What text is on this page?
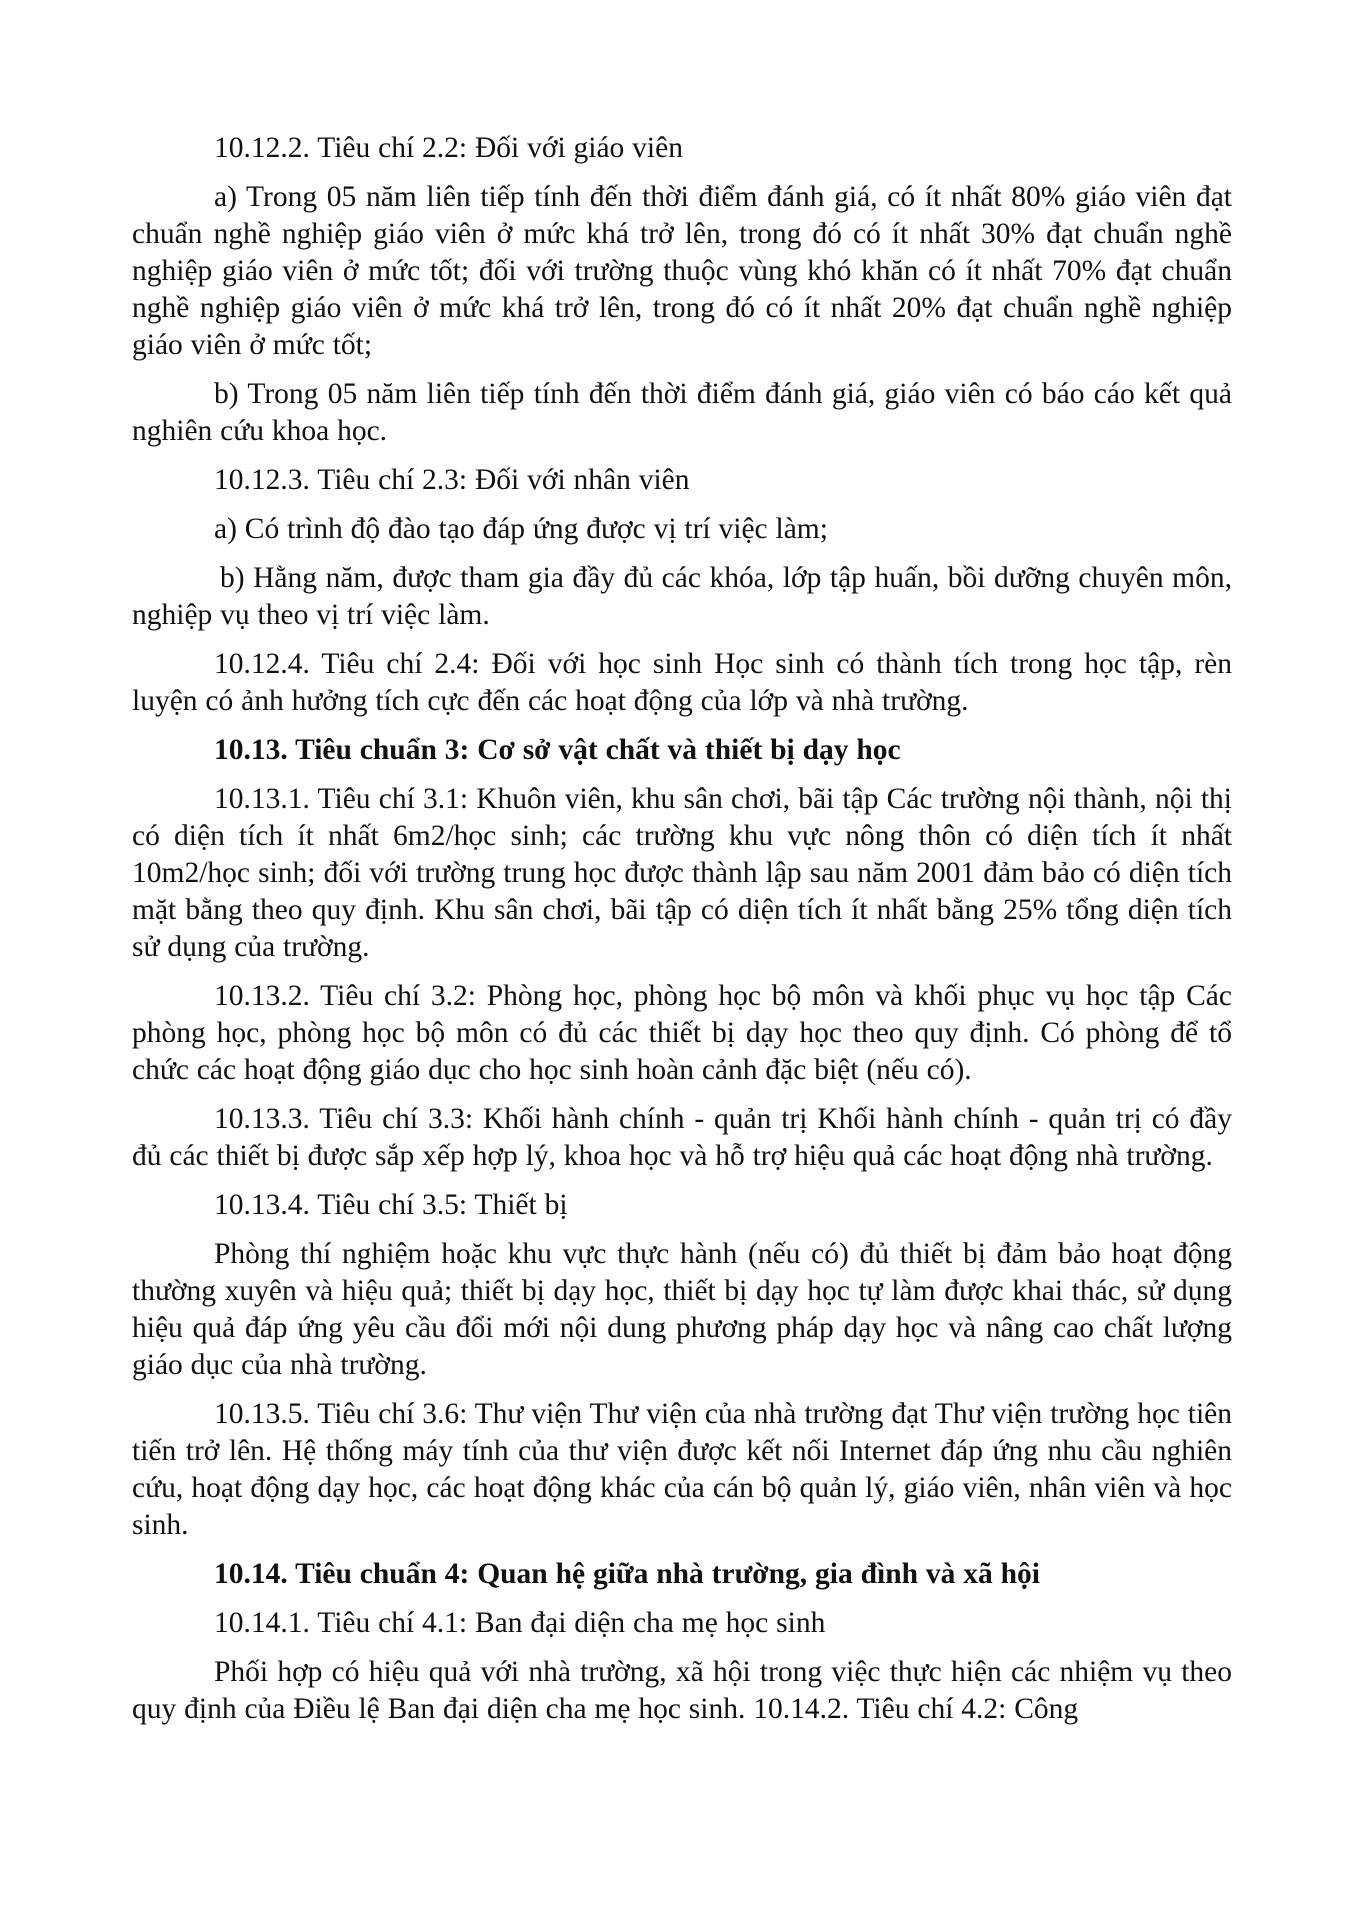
10.12.2. Tiêu chí 2.2: Đối với giáo viên

a) Trong 05 năm liên tiếp tính đến thời điểm đánh giá, có ít nhất 80% giáo viên đạt chuẩn nghề nghiệp giáo viên ở mức khá trở lên, trong đó có ít nhất 30% đạt chuẩn nghề nghiệp giáo viên ở mức tốt; đối với trường thuộc vùng khó khăn có ít nhất 70% đạt chuẩn nghề nghiệp giáo viên ở mức khá trở lên, trong đó có ít nhất 20% đạt chuẩn nghề nghiệp giáo viên ở mức tốt;

b) Trong 05 năm liên tiếp tính đến thời điểm đánh giá, giáo viên có báo cáo kết quả nghiên cứu khoa học.

10.12.3. Tiêu chí 2.3: Đối với nhân viên

a) Có trình độ đào tạo đáp ứng được vị trí việc làm;

b) Hằng năm, được tham gia đầy đủ các khóa, lớp tập huấn, bồi dưỡng chuyên môn, nghiệp vụ theo vị trí việc làm.

10.12.4. Tiêu chí 2.4: Đối với học sinh Học sinh có thành tích trong học tập, rèn luyện có ảnh hưởng tích cực đến các hoạt động của lớp và nhà trường.

10.13. Tiêu chuẩn 3: Cơ sở vật chất và thiết bị dạy học

10.13.1. Tiêu chí 3.1: Khuôn viên, khu sân chơi, bãi tập Các trường nội thành, nội thị có diện tích ít nhất 6m2/học sinh; các trường khu vực nông thôn có diện tích ít nhất 10m2/học sinh; đối với trường trung học được thành lập sau năm 2001 đảm bảo có diện tích mặt bằng theo quy định. Khu sân chơi, bãi tập có diện tích ít nhất bằng 25% tổng diện tích sử dụng của trường.

10.13.2. Tiêu chí 3.2: Phòng học, phòng học bộ môn và khối phục vụ học tập Các phòng học, phòng học bộ môn có đủ các thiết bị dạy học theo quy định. Có phòng để tổ chức các hoạt động giáo dục cho học sinh hoàn cảnh đặc biệt (nếu có).

10.13.3. Tiêu chí 3.3: Khối hành chính - quản trị Khối hành chính - quản trị có đầy đủ các thiết bị được sắp xếp hợp lý, khoa học và hỗ trợ hiệu quả các hoạt động nhà trường.

10.13.4. Tiêu chí 3.5: Thiết bị

Phòng thí nghiệm hoặc khu vực thực hành (nếu có) đủ thiết bị đảm bảo hoạt động thường xuyên và hiệu quả; thiết bị dạy học, thiết bị dạy học tự làm được khai thác, sử dụng hiệu quả đáp ứng yêu cầu đổi mới nội dung phương pháp dạy học và nâng cao chất lượng giáo dục của nhà trường.

10.13.5. Tiêu chí 3.6: Thư viện Thư viện của nhà trường đạt Thư viện trường học tiên tiến trở lên. Hệ thống máy tính của thư viện được kết nối Internet đáp ứng nhu cầu nghiên cứu, hoạt động dạy học, các hoạt động khác của cán bộ quản lý, giáo viên, nhân viên và học sinh.

10.14. Tiêu chuẩn 4: Quan hệ giữa nhà trường, gia đình và xã hội

10.14.1. Tiêu chí 4.1: Ban đại diện cha mẹ học sinh

Phối hợp có hiệu quả với nhà trường, xã hội trong việc thực hiện các nhiệm vụ theo quy định của Điều lệ Ban đại diện cha mẹ học sinh. 10.14.2. Tiêu chí 4.2: Công
